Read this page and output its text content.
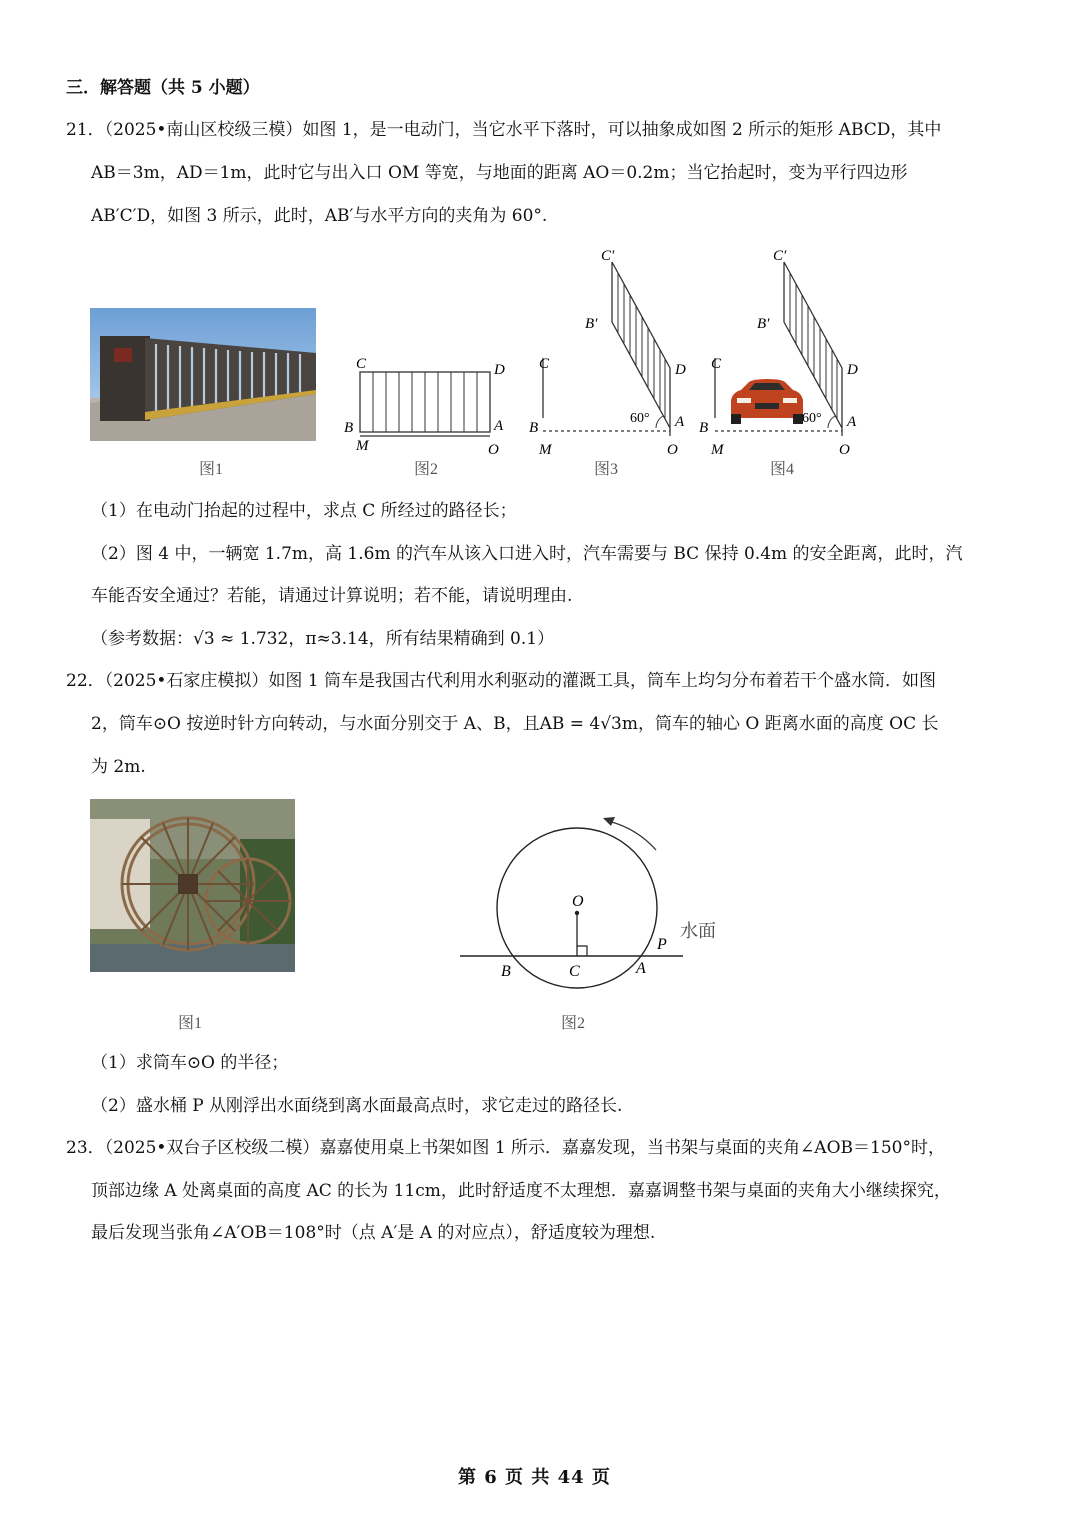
三．解答题（共 5 小题）
21．（2025•南山区校级三模）如图 1，是一电动门，当它水平下落时，可以抽象成如图 2 所示的矩形 ABCD，其中
AB＝3m，AD＝1m，此时它与出入口 OM 等宽，与地面的距离 AO＝0.2m；当它抬起时，变为平行四边形
AB′C′D，如图 3 所示，此时，AB′与水平方向的夹角为 60°.
C	D
B	A
M	O
60°
C
C′
B′
D
B	A
M	O
60°
C
C′
B′
D
B	A
M	O
图1	图2	图3	图4
（1）在电动门抬起的过程中，求点 C 所经过的路径长；
（2）图 4 中，一辆宽 1.7m，高 1.6m 的汽车从该入口进入时，汽车需要与 BC 保持 0.4m 的安全距离，此时，汽
车能否安全通过？若能，请通过计算说明；若不能，请说明理由.
（参考数据：√3 ≈ 1.732，π≈3.14，所有结果精确到 0.1）
22．（2025•石家庄模拟）如图 1 筒车是我国古代利用水利驱动的灌溉工具，筒车上均匀分布着若干个盛水筒．如图
2，筒车⊙O 按逆时针方向转动，与水面分别交于 A、B，且AB = 4√3m，筒车的轴心 O 距离水面的高度 OC 长
为 2m.
O
P
B	C	A
水面
图1	图2
（1）求筒车⊙O 的半径；
（2）盛水桶 P 从刚浮出水面绕到离水面最高点时，求它走过的路径长.
23．（2025•双台子区校级二模）嘉嘉使用桌上书架如图 1 所示．嘉嘉发现，当书架与桌面的夹角∠AOB＝150°时，
顶部边缘 A 处离桌面的高度 AC 的长为 11cm，此时舒适度不太理想．嘉嘉调整书架与桌面的夹角大小继续探究，
最后发现当张角∠A′OB＝108°时（点 A′是 A 的对应点），舒适度较为理想.
第 6 页 共 44 页
